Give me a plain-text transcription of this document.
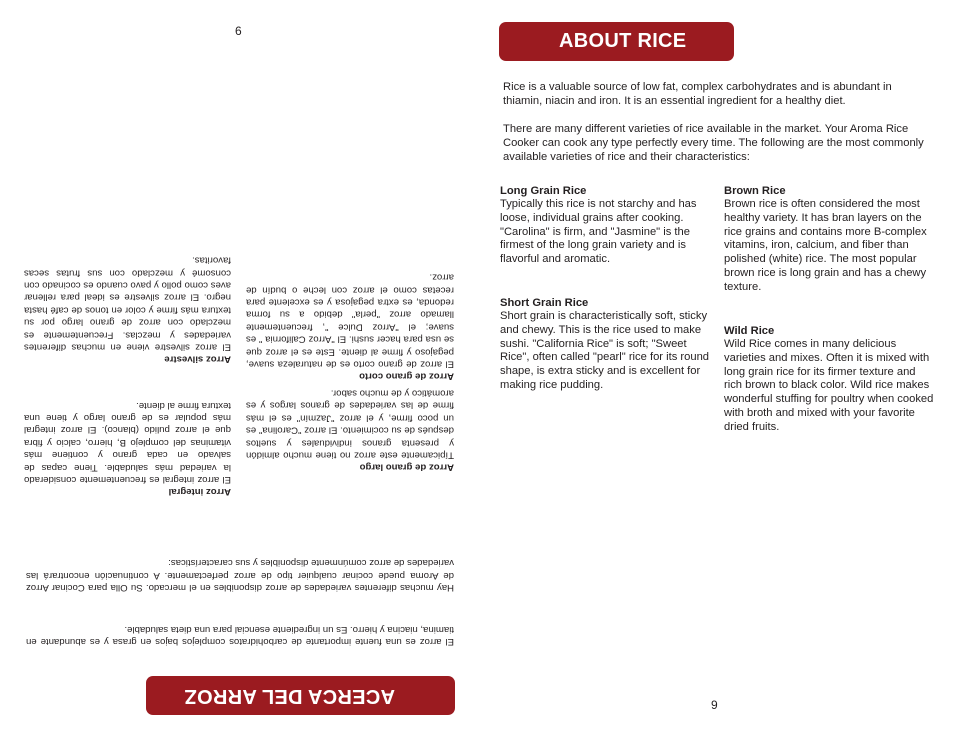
6
ACERCA DEL ARROZ

El arroz es una fuente importante de carbohidratos complejos bajos en grasa y es abundante en tiamina, niacina y hierro. Es un ingrediente esencial para una dieta saludable.

Hay muchas diferentes variedades de arroz disponibles en el mercado. Su Olla para Cocinar Arroz de Aroma puede cocinar cualquier tipo de arroz perfectamente. A continuación encontrará las variedades de arroz comúnmente disponibles y sus características:

Arroz de grano largo

Típicamente este arroz no tiene mucho almidón y presenta granos individuales y sueltos después de su cocimiento. El arroz "Carolina" es un poco firme, y el arroz "Jazmín" es el más firme de las variedades de granos largos y es aromático y de mucho sabor.

Arroz de grano corto

El arroz de grano corto es de naturaleza suave, pegajoso y firme al diente. Este es el arroz que se usa para hacer sushi. El "Arroz California " es suave; el "Arroz Dulce ", frecuentemente llamado arroz "perla" debido a su forma redonda, es extra pegajosa y es excelente para recetas como el arroz con leche o budín de arroz.

Arroz integral

El arroz integral es frecuentemente considerado la variedad más saludable. Tiene capas de salvado en cada grano y contiene más vitaminas del complejo B, hierro, calcio y fibra que el arroz pulido (blanco). El arroz integral más popular es de grano largo y tiene una textura firme al diente.

Arroz silvestre

El arroz silvestre viene en muchas diferentes variedades y mezclas. Frecuentemente es mezclado con arroz de grano largo por su textura más firme y color en tonos de café hasta negro. El arroz silvestre es ideal para rellenar aves como pollo y pavo cuando es cocinado con consomé y mezclado con sus frutas secas favoritas.

ABOUT RICE

Rice is a valuable source of low fat, complex carbohydrates and is abundant in thiamin, niacin and iron. It is an essential ingredient for a healthy diet.

There are many different varieties of rice available in the market. Your Aroma Rice Cooker can cook any type perfectly every time. The following are the most commonly available varieties of rice and their characteristics:

Long Grain Rice

Typically this rice is not starchy and has loose, individual grains after cooking. "Carolina" is firm, and "Jasmine" is the firmest of the long grain variety and is flavorful and aromatic.

Short Grain Rice

Short grain is characteristically soft, sticky and chewy. This is the rice used to make sushi. "California Rice" is soft; "Sweet Rice", often called "pearl" rice for its round shape, is extra sticky and is excellent for making rice pudding.

Brown Rice

Brown rice is often considered the most healthy variety. It has bran layers on the rice grains and contains more B-complex vitamins, iron, calcium, and fiber than polished (white) rice. The most popular brown rice is long grain and has a chewy texture.

Wild Rice

Wild Rice comes in many delicious varieties and mixes. Often it is mixed with long grain rice for its firmer texture and rich brown to black color. Wild rice makes wonderful stuffing for poultry when cooked with broth and mixed with your favorite dried fruits.

9
